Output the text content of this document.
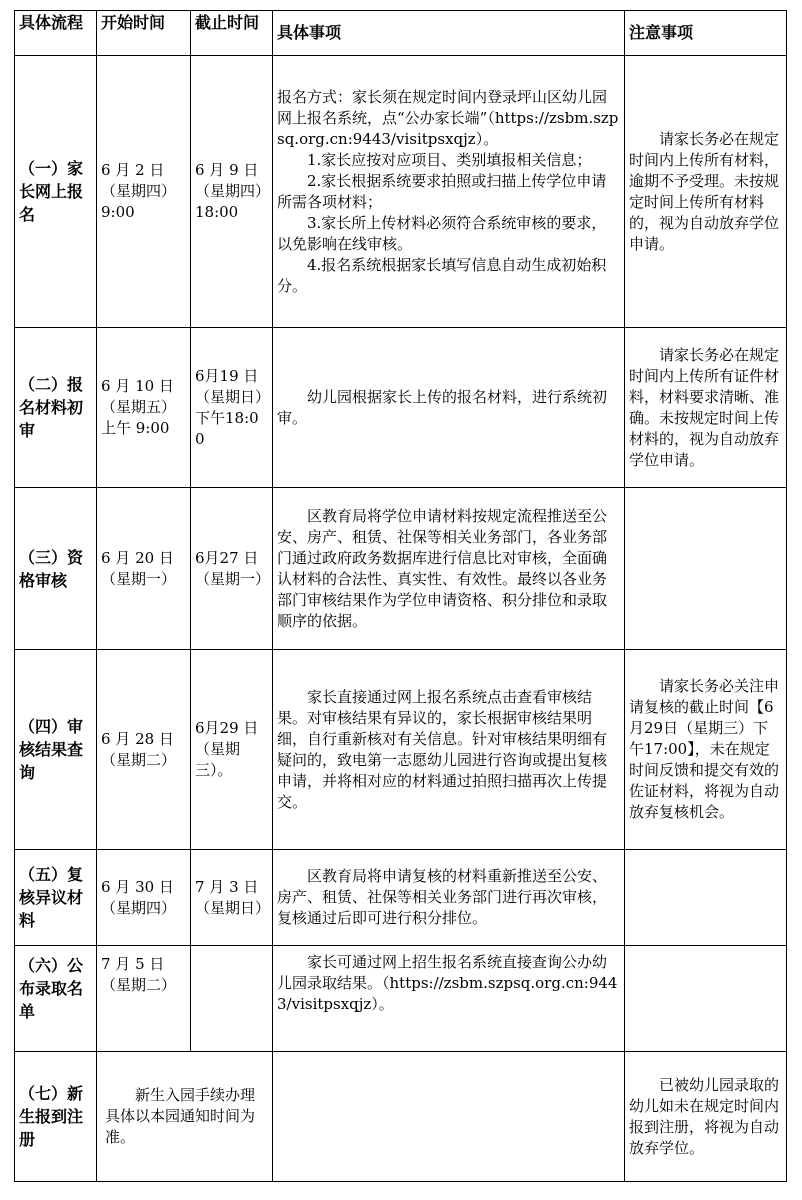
具体流程	开始时间	截止时间	具体事项	注意事项
（一）家长网上报名	6 月 2 日（星期四）9:00	6 月 9 日（星期四）18:00	报名方式：家长须在规定时间内登录坪山区幼儿园网上报名系统，点“公办家长端”（https://zsbm.szpsq.org.cn:9443/visitpsxqjz）。

1.家长应按对应项目、类别填报相关信息；

2.家长根据系统要求拍照或扫描上传学位申请所需各项材料；

3.家长所上传材料必须符合系统审核的要求，以免影响在线审核。

4.报名系统根据家长填写信息自动生成初始积分。	请家长务必在规定时间内上传所有材料，逾期不予受理。未按规定时间上传所有材料的，视为自动放弃学位申请。
（二）报名材料初审	6 月 10 日（星期五）上午 9:00	6月19 日（星期日）下午18:00	幼儿园根据家长上传的报名材料，进行系统初审。	请家长务必在规定时间内上传所有证件材料，材料要求清晰、准确。未按规定时间上传材料的，视为自动放弃学位申请。
（三）资格审核	6 月 20 日（星期一）	6月27 日（星期一）	区教育局将学位申请材料按规定流程推送至公安、房产、租赁、社保等相关业务部门，各业务部门通过政府政务数据库进行信息比对审核，全面确认材料的合法性、真实性、有效性。最终以各业务部门审核结果作为学位申请资格、积分排位和录取顺序的依据。	

（四）审核结果查询	6 月 28 日（星期二）	6月29 日（星期三）。	家长直接通过网上报名系统点击查看审核结果。对审核结果有异议的，家长根据审核结果明细，自行重新核对有关信息。针对审核结果明细有疑问的，致电第一志愿幼儿园进行咨询或提出复核申请，并将相对应的材料通过拍照扫描再次上传提交。	请家长务必关注申请复核的截止时间【6月29日（星期三）下午17:00】，未在规定时间反馈和提交有效的佐证材料，将视为自动放弃复核机会。
（五）复核异议材料	6 月 30 日（星期四）	7 月 3 日（星期日）	区教育局将申请复核的材料重新推送至公安、房产、租赁、社保等相关业务部门进行再次审核，复核通过后即可进行积分排位。	

（六）公布录取名单	7 月 5 日（星期二）		家长可通过网上招生报名系统直接查询公办幼儿园录取结果。（https://zsbm.szpsq.org.cn:9443/visitpsxqjz）。	

（七）新生报到注册	新生入园手续办理具体以本园通知时间为准。			已被幼儿园录取的幼儿如未在规定时间内报到注册，将视为自动放弃学位。
